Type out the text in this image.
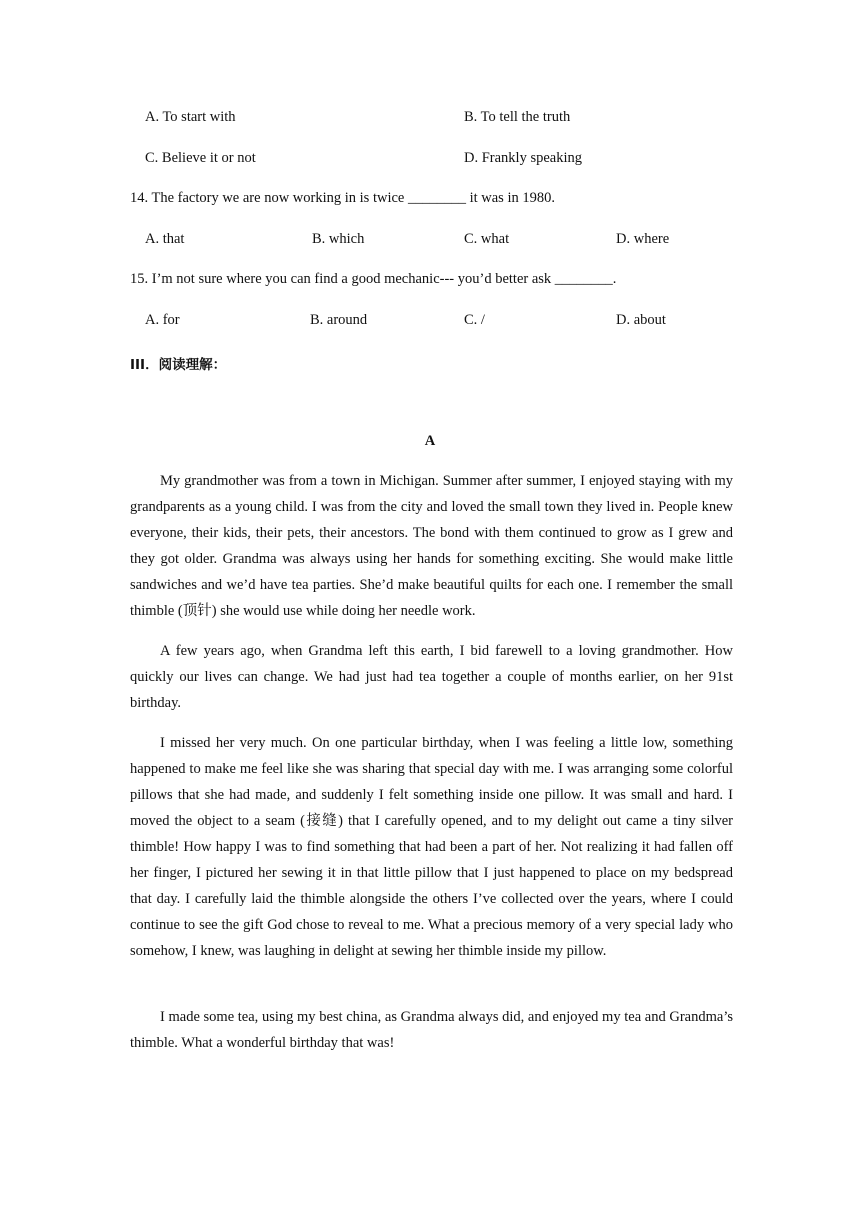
A. To start with	B. To tell the truth
C. Believe it or not	D. Frankly speaking
14. The factory we are now working in is twice ________ it was in 1980.
A. that	B. which	C. what	D. where
15. I’m not sure where you can find a good mechanic--- you’d better ask ________.
A. for	B. around	C. /	D. about
III．阅读理解：
A
My grandmother was from a town in Michigan. Summer after summer, I enjoyed staying with my grandparents as a young child. I was from the city and loved the small town they lived in. People knew everyone, their kids, their pets, their ancestors. The bond with them continued to grow as I grew and they got older. Grandma was always using her hands for something exciting. She would make little sandwiches and we’d have tea parties. She’d make beautiful quilts for each one. I remember the small thimble (顶针) she would use while doing her needle work.
A few years ago, when Grandma left this earth, I bid farewell to a loving grandmother. How quickly our lives can change. We had just had tea together a couple of months earlier, on her 91st birthday.
I missed her very much. On one particular birthday, when I was feeling a little low, something happened to make me feel like she was sharing that special day with me. I was arranging some colorful pillows that she had made, and suddenly I felt something inside one pillow. It was small and hard. I moved the object to a seam (接缝) that I carefully opened, and to my delight out came a tiny silver thimble! How happy I was to find something that had been a part of her. Not realizing it had fallen off her finger, I pictured her sewing it in that little pillow that I just happened to place on my bedspread that day. I carefully laid the thimble alongside the others I’ve collected over the years, where I could continue to see the gift God chose to reveal to me. What a precious memory of a very special lady who somehow, I knew, was laughing in delight at sewing her thimble inside my pillow.
I made some tea, using my best china, as Grandma always did, and enjoyed my tea and Grandma’s thimble. What a wonderful birthday that was!
